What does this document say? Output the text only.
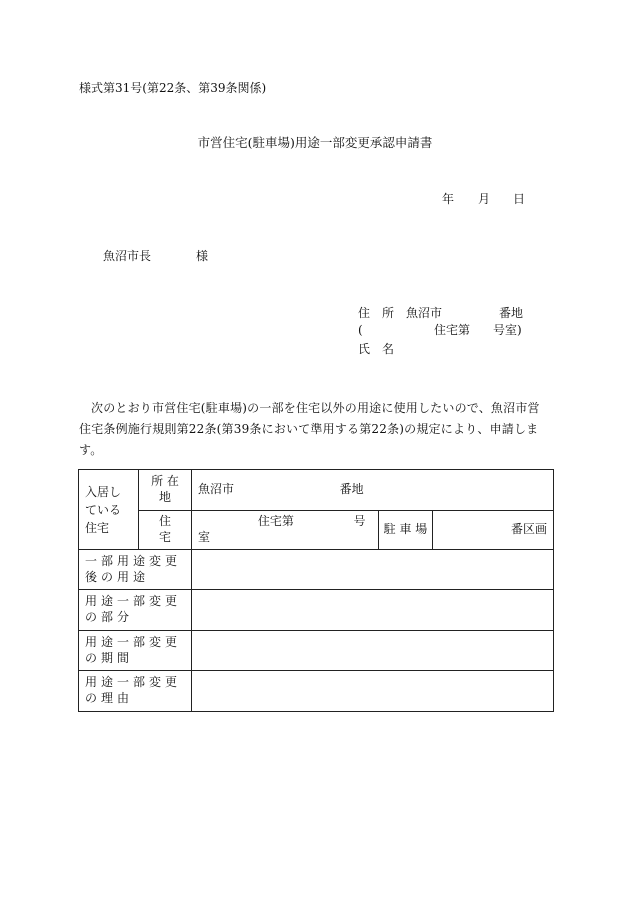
様式第31号(第22条、第39条関係)
市営住宅(駐車場)用途一部変更承認申請書
年 月 日
魚沼市長	様
住　所 魚沼市	番地
(	住宅第 号室)
氏　名
次のとおり市営住宅(駐車場)の一部を住宅以外の用途に使用したいので、魚沼市営住宅条例施行規則第22条(第39条において準用する第22条)の規定により、申請します。
入居している住宅	所 在 地	魚沼市 番地		
	住　　宅	住宅第 号室	駐 車 場	番区画
一部用途変更後の用途				
用途一部変更の部分				
用途一部変更の期間				
用途一部変更の理由				
